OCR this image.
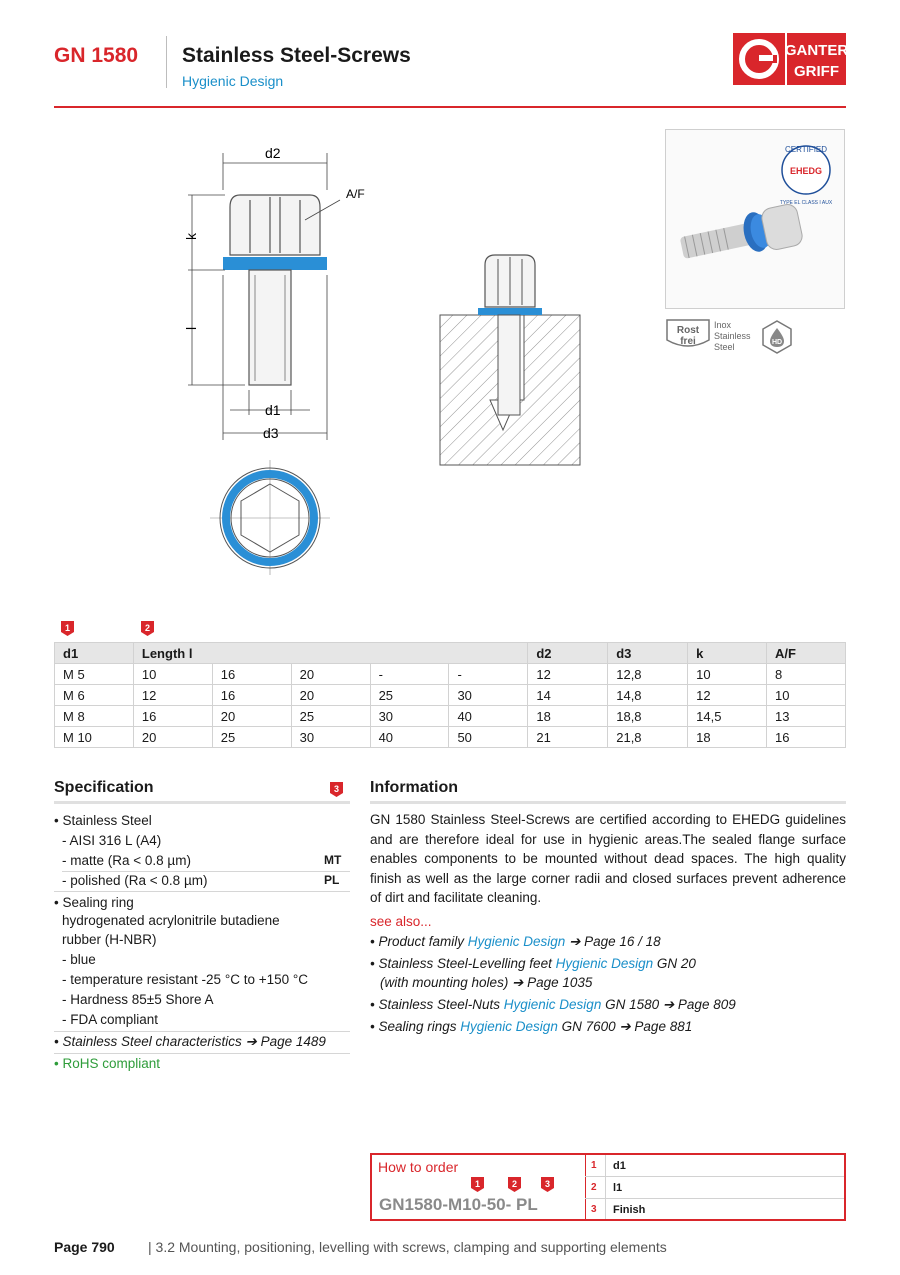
GN 1580 Stainless Steel-Screws
Hygienic Design
GANTER
GRIFF
d2
A/F
k
l
d1
d3
CERTIFIED
EHEDG
TYPE EL CLASS I AUX
Rost
frei
Inox
Stainless
Steel	HD
1	2
d1	Length l					d2	d3	k	A/F
M 5	10	16	20	-	-	12	12,8	10	8
M 6	12	16	20	25	30	14	14,8	12	10
M 8	16	20	25	30	40	18	18,8	14,5	13
M 10	20	25	30	40	50	21	21,8	18	16
Specification	3
• Stainless Steel
- AISI 316 L (A4)
- matte (Ra < 0.8 µm)	MT
- polished (Ra < 0.8 µm)	PL
• Sealing ring
hydrogenated acrylonitrile butadiene
rubber (H-NBR)
- blue
- temperature resistant -25 °C to +150 °C
- Hardness 85±5 Shore A
- FDA compliant
• Stainless Steel characteristics ➔ Page 1489
• RoHS compliant
Information
GN 1580 Stainless Steel-Screws are certified according to EHEDG guidelines and are therefore ideal for use in hygienic areas.The sealed flange surface enables components to be mounted without dead spaces. The high quality finish as well as the large corner radii and closed surfaces prevent adherence of dirt and facilitate cleaning.
see also...
• Product family Hygienic Design ➔ Page 16 / 18
• Stainless Steel-Levelling feet Hygienic Design GN 20
(with mounting holes) ➔ Page 1035
• Stainless Steel-Nuts Hygienic Design GN 1580 ➔ Page 809
• Sealing rings Hygienic Design GN 7600 ➔ Page 881
How to order
1	2	3
GN1580-M10-50- PL
1 d1
2 l1
3 Finish
Page 790 | 3.2 Mounting, positioning, levelling with screws, clamping and supporting elements
